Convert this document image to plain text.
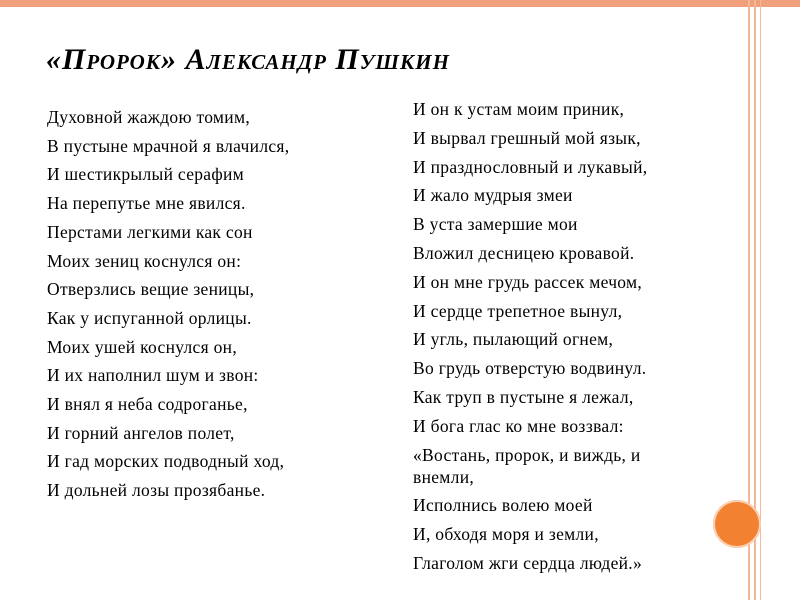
«Пророк» Александр Пушкин
Духовной жаждою томим,
В пустыне мрачной я влачился,
И шестикрылый серафим
На перепутье мне явился.
Перстами легкими как сон
Моих зениц коснулся он:
Отверзлись вещие зеницы,
Как у испуганной орлицы.
Моих ушей коснулся он,
И их наполнил шум и звон:
И внял я неба содроганье,
И горний ангелов полет,
И гад морских подводный ход,
И дольней лозы прозябанье.
И он к устам моим приник,
И вырвал грешный мой язык,
И празднословный и лукавый,
И жало мудрыя змеи
В уста замершие мои
Вложил десницею кровавой.
И он мне грудь рассек мечом,
И сердце трепетное вынул,
И угль, пылающий огнем,
Во грудь отверстую водвинул.
Как труп в пустыне я лежал,
И бога глас ко мне воззвал:
«Востань, пророк, и виждь, и
внемли,
Исполнись волею моей
И, обходя моря и земли,
Глаголом жги сердца людей.»
